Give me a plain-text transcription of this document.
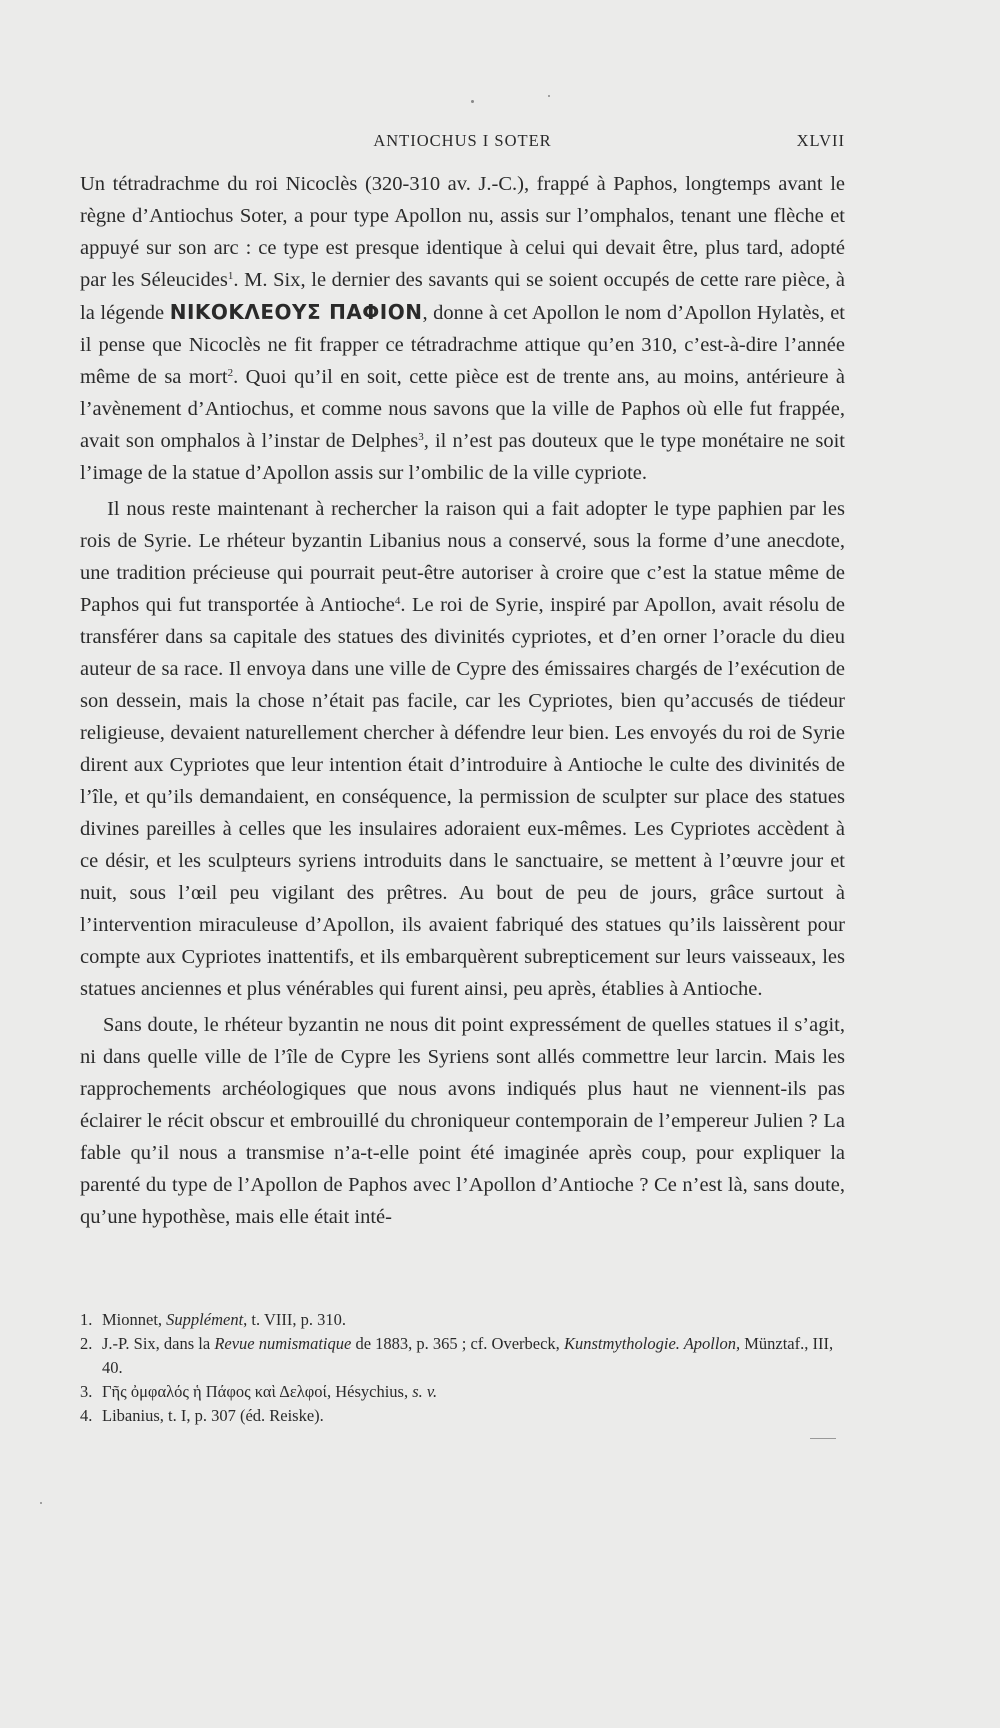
ANTIOCHUS I SOTER	XLVII

Un tétradrachme du roi Nicoclès (320-310 av. J.-C.), frappé à Paphos, longtemps avant le règne d’Antiochus Soter, a pour type Apollon nu, assis sur l’omphalos, tenant une flèche et appuyé sur son arc : ce type est presque identique à celui qui devait être, plus tard, adopté par les Séleucides$^1$. M. Six, le dernier des savants qui se soient occupés de cette rare pièce, à la légende ΝΙΚΟΚΛΕΟΥΣ ΠΑΦΙΟΝ, donne à cet Apollon le nom d’Apollon Hylatès, et il pense que Nicoclès ne fit frapper ce tétradrachme attique qu’en 310, c’est-à-dire l’année même de sa mort$^2$. Quoi qu’il en soit, cette pièce est de trente ans, au moins, antérieure à l’avènement d’Antiochus, et comme nous savons que la ville de Paphos où elle fut frappée, avait son omphalos à l’instar de Delphes$^3$, il n’est pas douteux que le type monétaire ne soit l’image de la statue d’Apollon assis sur l’ombilic de la ville cypriote.

Il nous reste maintenant à rechercher la raison qui a fait adopter le type paphien par les rois de Syrie. Le rhéteur byzantin Libanius nous a conservé, sous la forme d’une anecdote, une tradition précieuse qui pourrait peut-être autoriser à croire que c’est la statue même de Paphos qui fut transportée à Antioche$^4$. Le roi de Syrie, inspiré par Apollon, avait résolu de transférer dans sa capitale des statues des divinités cypriotes, et d’en orner l’oracle du dieu auteur de sa race. Il envoya dans une ville de Cypre des émissaires chargés de l’exécution de son dessein, mais la chose n’était pas facile, car les Cypriotes, bien qu’accusés de tiédeur religieuse, devaient naturellement chercher à défendre leur bien. Les envoyés du roi de Syrie dirent aux Cypriotes que leur intention était d’introduire à Antioche le culte des divinités de l’île, et qu’ils demandaient, en conséquence, la permission de sculpter sur place des statues divines pareilles à celles que les insulaires adoraient eux-mêmes. Les Cypriotes accèdent à ce désir, et les sculpteurs syriens introduits dans le sanctuaire, se mettent à l’œuvre jour et nuit, sous l’œil peu vigilant des prêtres. Au bout de peu de jours, grâce surtout à l’intervention miraculeuse d’Apollon, ils avaient fabriqué des statues qu’ils laissèrent pour compte aux Cypriotes inattentifs, et ils embarquèrent subrepticement sur leurs vaisseaux, les statues anciennes et plus vénérables qui furent ainsi, peu après, établies à Antioche.

Sans doute, le rhéteur byzantin ne nous dit point expressément de quelles statues il s’agit, ni dans quelle ville de l’île de Cypre les Syriens sont allés commettre leur larcin. Mais les rapprochements archéologiques que nous avons indiqués plus haut ne viennent-ils pas éclairer le récit obscur et embrouillé du chroniqueur contemporain de l’empereur Julien ? La fable qu’il nous a transmise n’a-t-elle point été imaginée après coup, pour expliquer la parenté du type de l’Apollon de Paphos avec l’Apollon d’Antioche ? Ce n’est là, sans doute, qu’une hypothèse, mais elle était inté-

1. Mionnet, Supplément, t. VIII, p. 310.

2. J.-P. Six, dans la Revue numismatique de 1883, p. 365 ; cf. Overbeck, Kunstmythologie. Apollon, Münztaf., III, 40.

3. Γῆς ὀμφαλός ἡ Πάφος καὶ Δελφοί, Hésychius, s. v.

4. Libanius, t. I, p. 307 (éd. Reiske).
